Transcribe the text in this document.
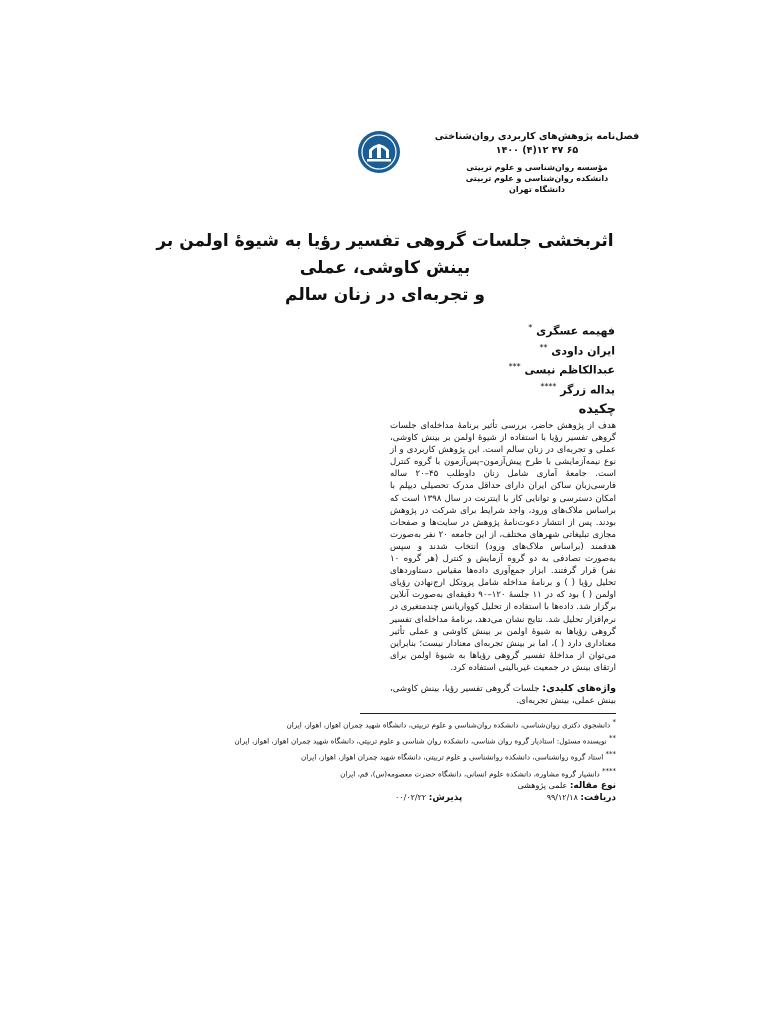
فصل‌نامه پژوهش‌های کاربردی روان‌شناختی
۶۵ ۴۷ ۱۲(۴) ۱۴۰۰
مؤسسه روان‌شناسی و علوم تربیتی
دانشکده روان‌شناسی و علوم تربیتی
دانشگاه تهران
اثربخشی جلسات گروهی تفسیر رؤیا به شیوۀ اولمن بر بینش کاوشی، عملی
و تجربه‌ای در زنان سالم
فهیمه عسگری *
ایران داودی **
عبدالکاظم نیسی ***
یداله زرگر ****
چکیده
هدف از پژوهش حاضر، بررسی تأثیر برنامۀ مداخله‌ای جلسات گروهی تفسیر رؤیا با استفاده از شیوۀ اولمن بر بینش کاوشی، عملی و تجربه‌ای در زنان سالم است. این پژوهش کاربردی و از نوع نیمه‌آزمایشی با طرح پیش‌آزمون–پس‌آزمون با گروه کنترل است. جامعۀ آماری شامل زنان داوطلب ۴۵–۲۰ ساله فارسی‌زبان ساکن ایران دارای حداقل مدرک تحصیلی دیپلم با امکان دسترسی و توانایی کار با اینترنت در سال ۱۳۹۸ است که براساس ملاک‌های ورود، واجد شرایط برای شرکت در پژوهش بودند. پس از انتشار دعوت‌نامۀ پژوهش در سایت‌ها و صفحات مجازی تبلیغاتی شهرهای مختلف، از این جامعه ۲۰ نفر به‌صورت هدفمند (براساس ملاک‌های ورود) انتخاب شدند و سپس به‌صورت تصادفی به دو گروه آزمایش و کنترل (هر گروه ۱۰ نفر) قرار گرفتند. ابزار جمع‌آوری داده‌ها مقیاس دستاوردهای تحلیل رؤیا ( ) و برنامۀ مداخله شامل پروتکل ارج‌نهادن رؤیای اولمن ( ) بود که در ۱۱ جلسۀ ۱۲۰–۹۰ دقیقه‌ای به‌صورت آنلاین برگزار شد. داده‌ها با استفاده از تحلیل کوواریانس چندمتغیری در نرم‌افزار تحلیل شد. نتایج نشان می‌دهد، برنامۀ مداخله‌ای تفسیر گروهی رؤیاها به شیوۀ اولمن بر بینش کاوشی و عملی تأثیر معناداری دارد ( )، اما بر بینش تجربه‌ای معنادار نیست؛ بنابراین می‌توان از مداخلۀ تفسیر گروهی رؤیاها به شیوۀ اولمن برای ارتقای بینش در جمعیت غیربالینی استفاده کرد.
واژه‌های کلیدی: جلسات گروهی تفسیر رؤیا، بینش کاوشی، بینش عملی، بینش تجربه‌ای.
* دانشجوی دکتری روان‌شناسی، دانشکده روان‌شناسی و علوم تربیتی، دانشگاه شهید چمران اهواز، اهواز، ایران
** نویسنده مسئول: استادیار گروه روان شناسی، دانشکده روان شناسی و علوم تربیتی، دانشگاه شهید چمران اهواز، اهواز، ایران
*** استاد گروه روانشناسی، دانشکده روانشناسی و علوم تربیتی، دانشگاه شهید چمران اهواز، اهواز، ایران
**** دانشیار گروه مشاوره، دانشکده علوم انسانی، دانشگاه حضرت معصومه(س)، قم، ایران
نوع مقاله: علمی پژوهشی
دریافت: ۹۹/۱۲/۱۸
پذیرش: ۰۰/۰۲/۲۲
